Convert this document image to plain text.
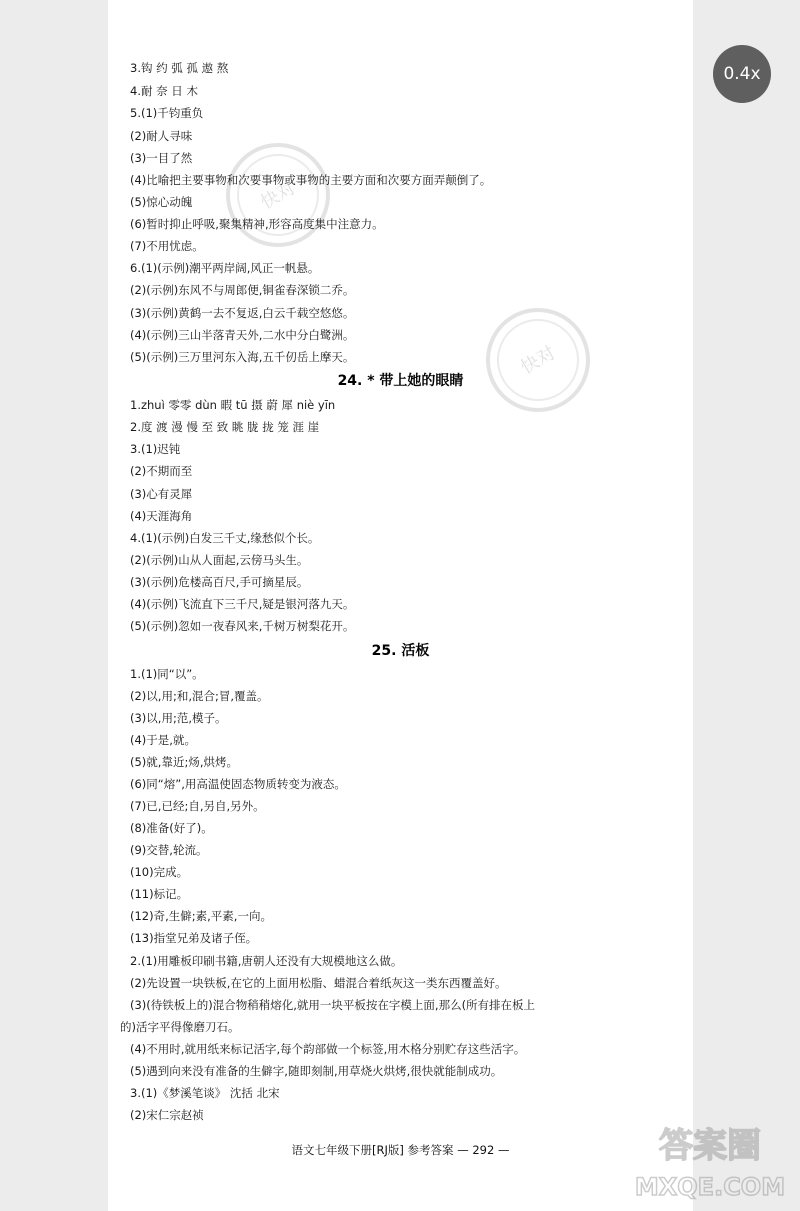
快对
快对
3.钩 约 弧 孤 遨 熬
4.耐 奈 日 木
5.(1)千钧重负
(2)耐人寻味
(3)一目了然
(4)比喻把主要事物和次要事物或事物的主要方面和次要方面弄颠倒了。
(5)惊心动魄
(6)暂时抑止呼吸,聚集精神,形容高度集中注意力。
(7)不用忧虑。
6.(1)(示例)潮平两岸阔,风正一帆悬。
(2)(示例)东风不与周郎便,铜雀春深锁二乔。
(3)(示例)黄鹤一去不复返,白云千载空悠悠。
(4)(示例)三山半落青天外,二水中分白鹭洲。
(5)(示例)三万里河东入海,五千仞岳上摩天。
24. * 带上她的眼睛
1.zhuì 零零 dùn 暇 tū 摄 蔚 犀 niè yīn
2.度 渡 漫 慢 至 致 眺 胧 拢 笼 涯 崖
3.(1)迟钝
(2)不期而至
(3)心有灵犀
(4)天涯海角
4.(1)(示例)白发三千丈,缘愁似个长。
(2)(示例)山从人面起,云傍马头生。
(3)(示例)危楼高百尺,手可摘星辰。
(4)(示例)飞流直下三千尺,疑是银河落九天。
(5)(示例)忽如一夜春风来,千树万树梨花开。
25. 活板
1.(1)同“以”。
(2)以,用;和,混合;冒,覆盖。
(3)以,用;范,模子。
(4)于是,就。
(5)就,靠近;炀,烘烤。
(6)同“熔”,用高温使固态物质转变为液态。
(7)已,已经;自,另自,另外。
(8)准备(好了)。
(9)交替,轮流。
(10)完成。
(11)标记。
(12)奇,生僻;素,平素,一向。
(13)指堂兄弟及诸子侄。
2.(1)用雕板印刷书籍,唐朝人还没有大规模地这么做。
(2)先设置一块铁板,在它的上面用松脂、蜡混合着纸灰这一类东西覆盖好。
(3)(待铁板上的)混合物稍稍熔化,就用一块平板按在字模上面,那么(所有排在板上
的)活字平得像磨刀石。
(4)不用时,就用纸来标记活字,每个韵部做一个标签,用木格分别贮存这些活字。
(5)遇到向来没有准备的生僻字,随即刻制,用草烧火烘烤,很快就能制成功。
3.(1)《梦溪笔谈》 沈括 北宋
(2)宋仁宗赵祯
语文七年级下册[RJ版] 参考答案 — 292 —
0.4x
答案圈
MXQE.COM
